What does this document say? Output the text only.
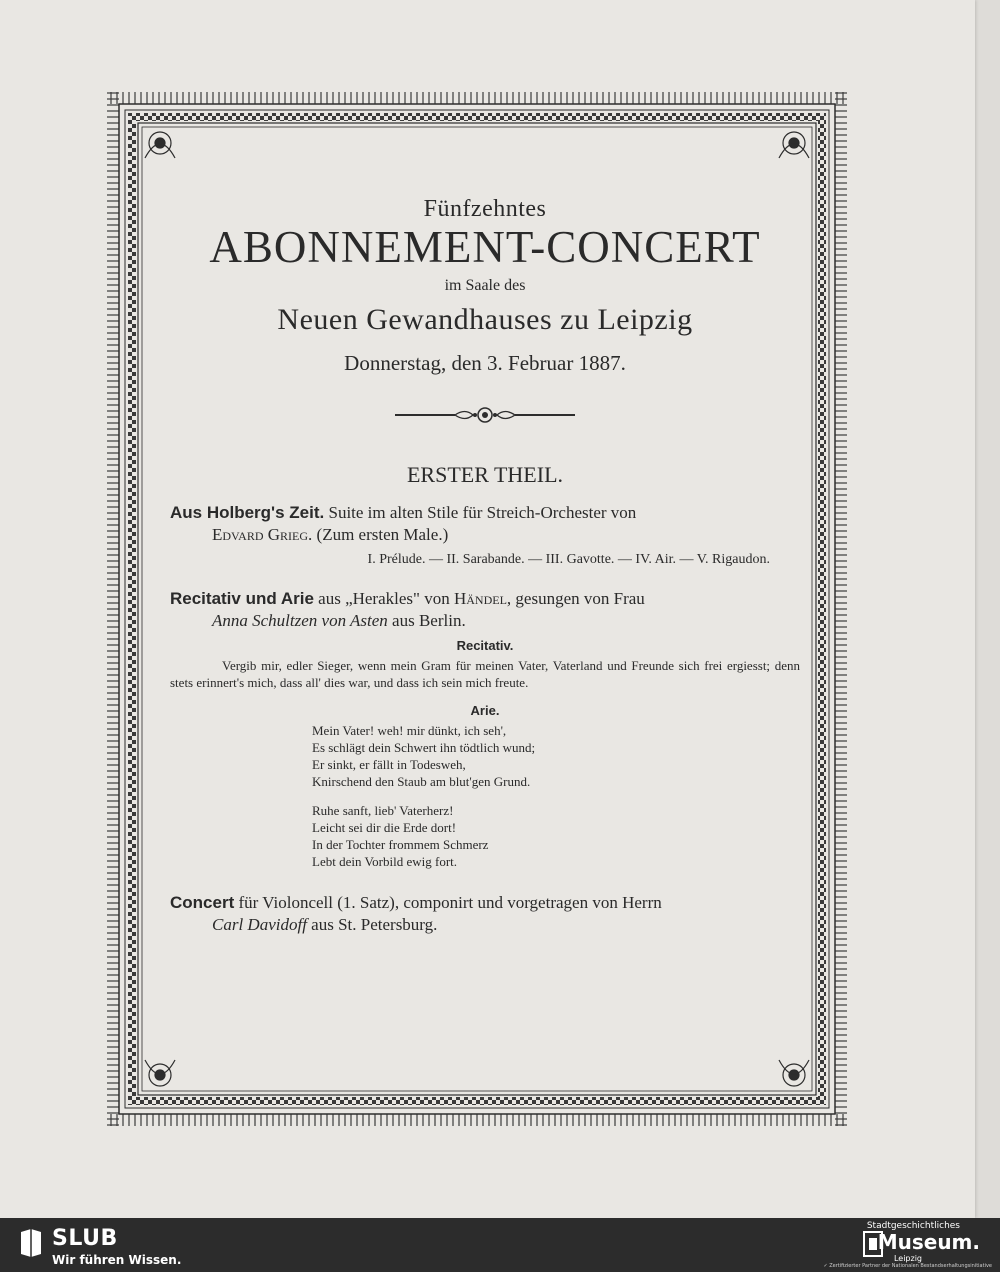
Fünfzehntes
ABONNEMENT-CONCERT
im Saale des
Neuen Gewandhauses zu Leipzig
Donnerstag, den 3. Februar 1887.
ERSTER THEIL.
Aus Holberg's Zeit. Suite im alten Stile für Streich-Orchester von
Edvard Grieg. (Zum ersten Male.)
I. Prélude. — II. Sarabande. — III. Gavotte. — IV. Air. — V. Rigaudon.
Recitativ und Arie aus „Herakles" von Händel, gesungen von Frau
Anna Schultzen von Asten aus Berlin.
Recitativ.
Vergib mir, edler Sieger, wenn mein Gram für meinen Vater, Vaterland und Freunde sich frei ergiesst; denn stets erinnert's mich, dass all' dies war, und dass ich sein mich freute.
Arie.
Mein Vater! weh! mir dünkt, ich seh',
Es schlägt dein Schwert ihn tödtlich wund;
Er sinkt, er fällt in Todesweh,
Knirschend den Staub am blut'gen Grund.
Ruhe sanft, lieb' Vaterherz!
Leicht sei dir die Erde dort!
In der Tochter frommem Schmerz
Lebt dein Vorbild ewig fort.
Concert für Violoncell (1. Satz), componirt und vorgetragen von Herrn
Carl Davidoff aus St. Petersburg.
SLUB
Wir führen Wissen.
Stadtgeschichtliches
Museum.
Leipzig
✓ Zertifizierter Partner der Nationalen Bestandserhaltungsinitiative
